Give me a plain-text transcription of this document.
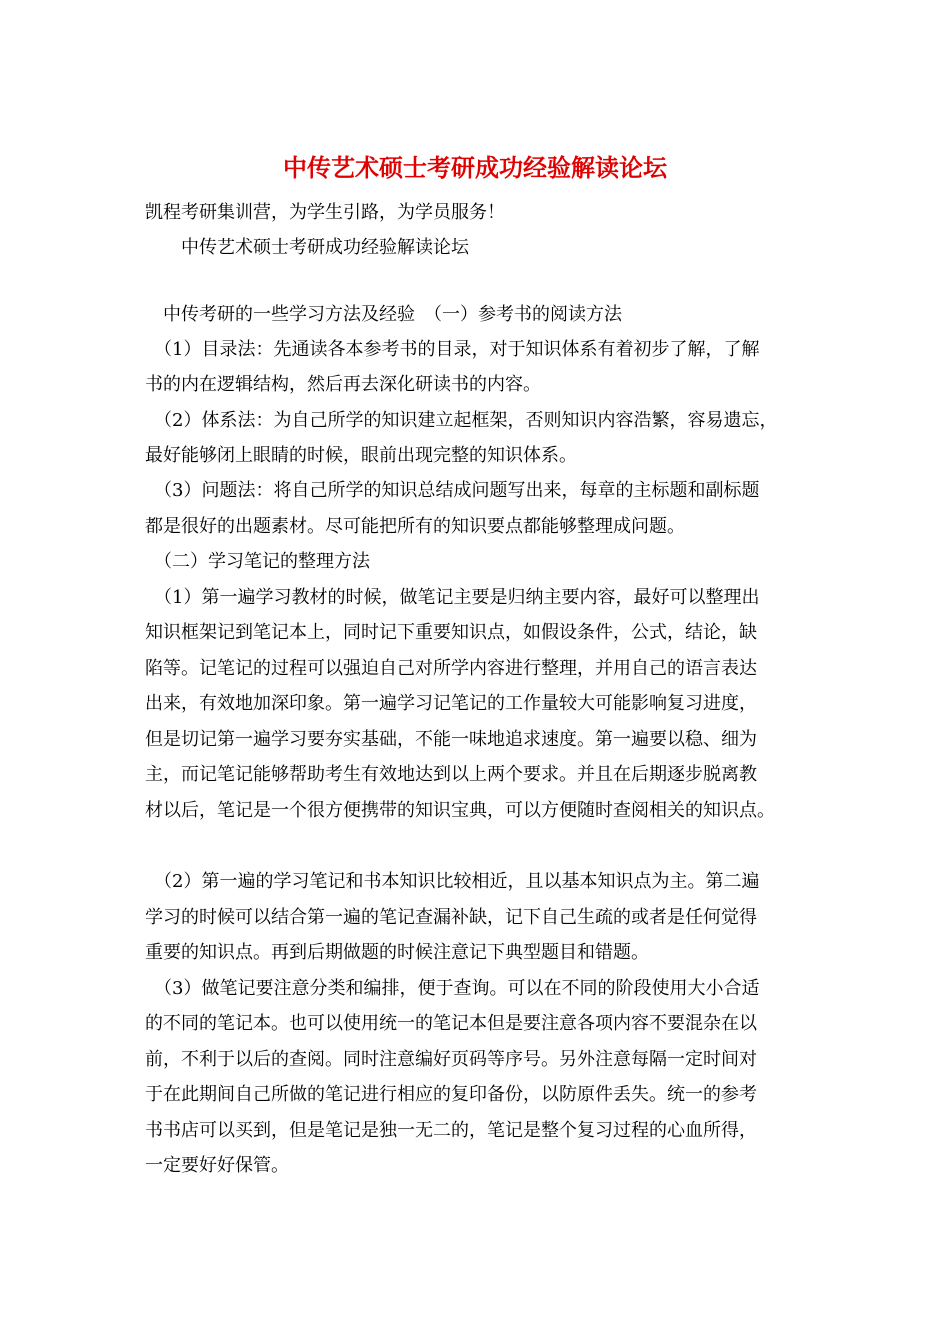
中传艺术硕士考研成功经验解读论坛

凯程考研集训营，为学生引路，为学员服务！

　　中传艺术硕士考研成功经验解读论坛

　中传考研的一些学习方法及经验　（一）参考书的阅读方法

　（1）目录法：先通读各本参考书的目录，对于知识体系有着初步了解，了解

书的内在逻辑结构，然后再去深化研读书的内容。

　（2）体系法：为自己所学的知识建立起框架，否则知识内容浩繁，容易遗忘，

最好能够闭上眼睛的时候，眼前出现完整的知识体系。

　（3）问题法：将自己所学的知识总结成问题写出来，每章的主标题和副标题

都是很好的出题素材。尽可能把所有的知识要点都能够整理成问题。

　（二）学习笔记的整理方法

　（1）第一遍学习教材的时候，做笔记主要是归纳主要内容，最好可以整理出

知识框架记到笔记本上，同时记下重要知识点，如假设条件，公式，结论，缺

陷等。记笔记的过程可以强迫自己对所学内容进行整理，并用自己的语言表达

出来，有效地加深印象。第一遍学习记笔记的工作量较大可能影响复习进度，

但是切记第一遍学习要夯实基础，不能一味地追求速度。第一遍要以稳、细为

主，而记笔记能够帮助考生有效地达到以上两个要求。并且在后期逐步脱离教

材以后，笔记是一个很方便携带的知识宝典，可以方便随时查阅相关的知识点。

　（2）第一遍的学习笔记和书本知识比较相近，且以基本知识点为主。第二遍

学习的时候可以结合第一遍的笔记查漏补缺，记下自己生疏的或者是任何觉得

重要的知识点。再到后期做题的时候注意记下典型题目和错题。

　（3）做笔记要注意分类和编排，便于查询。可以在不同的阶段使用大小合适

的不同的笔记本。也可以使用统一的笔记本但是要注意各项内容不要混杂在以

前，不利于以后的查阅。同时注意编好页码等序号。另外注意每隔一定时间对

于在此期间自己所做的笔记进行相应的复印备份，以防原件丢失。统一的参考

书书店可以买到，但是笔记是独一无二的，笔记是整个复习过程的心血所得，

一定要好好保管。
